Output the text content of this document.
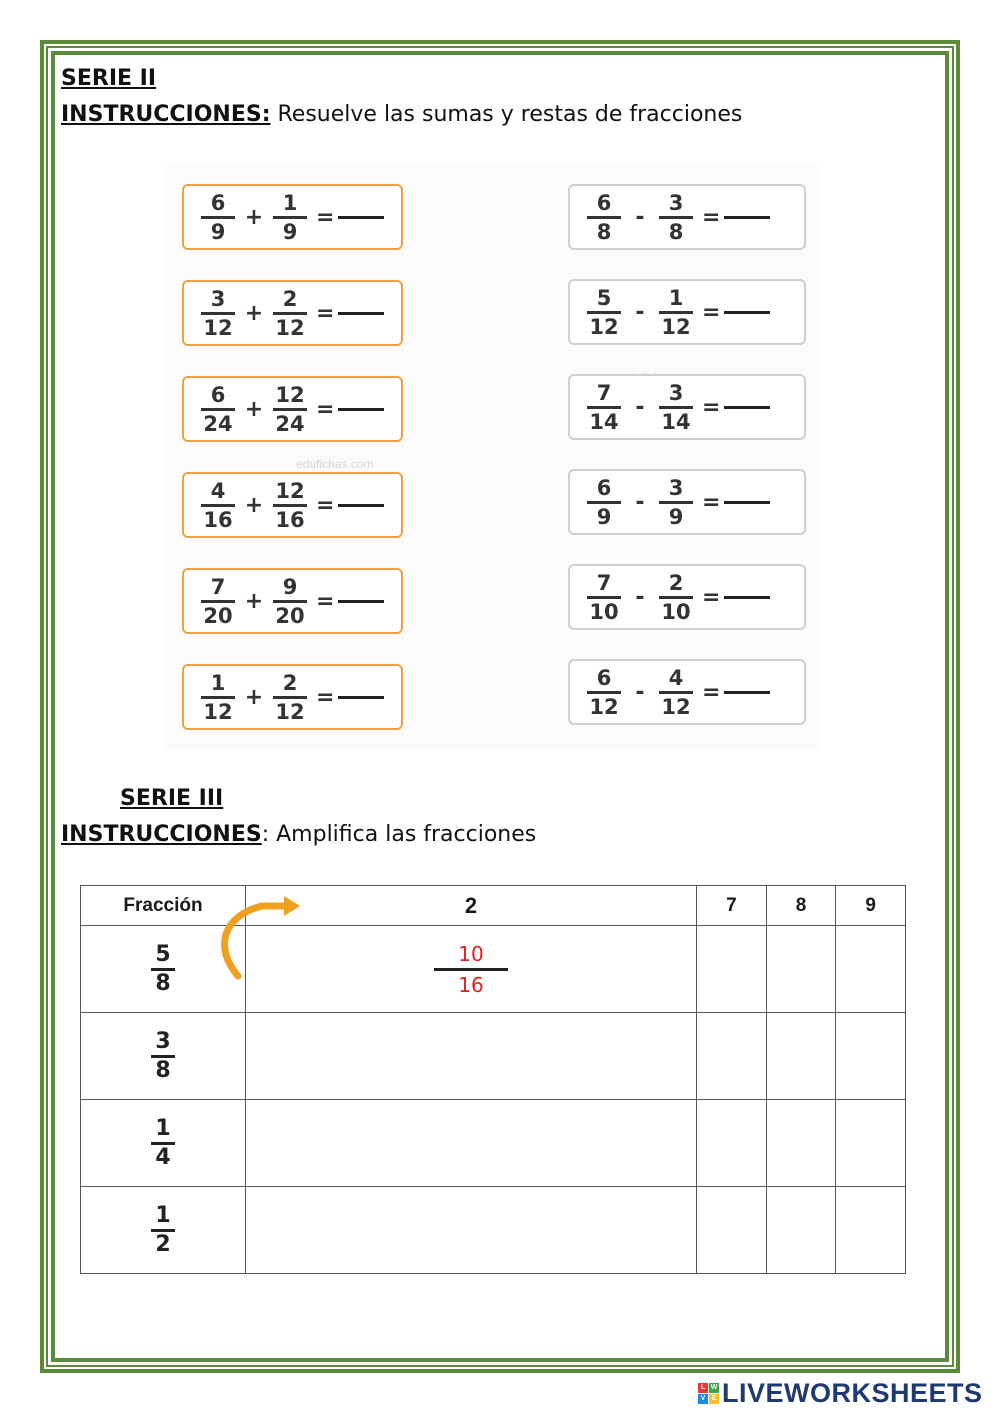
SERIE II
INSTRUCCIONES: Resuelve las sumas y restas de fracciones
edufichas.com
$\frac{6}{9} + \frac{1}{9}$ =
$\frac{3}{12} + \frac{2}{12}$ =
$\frac{6}{24} + \frac{12}{24}$ =
$\frac{4}{16} + \frac{12}{16}$ =
$\frac{7}{20} + \frac{9}{20}$ =
$\frac{1}{12} + \frac{2}{12}$ =
$\frac{6}{8} - \frac{3}{8}$ =
$\frac{5}{12} - \frac{1}{12}$ =
$\frac{7}{14} - \frac{3}{14}$ =
$\frac{6}{9} - \frac{3}{9}$ =
$\frac{7}{10} - \frac{2}{10}$ =
$\frac{6}{12} - \frac{4}{12}$ =
SERIE III
INSTRUCCIONES: Amplifica las fracciones
Fracción	2	7	8	9

$\frac{5}{8}$	$\frac{10}{16}$

$\frac{3}{8}$

$\frac{1}{4}$

$\frac{1}{2}$

L W
V E LIVEWORKSHEETS
